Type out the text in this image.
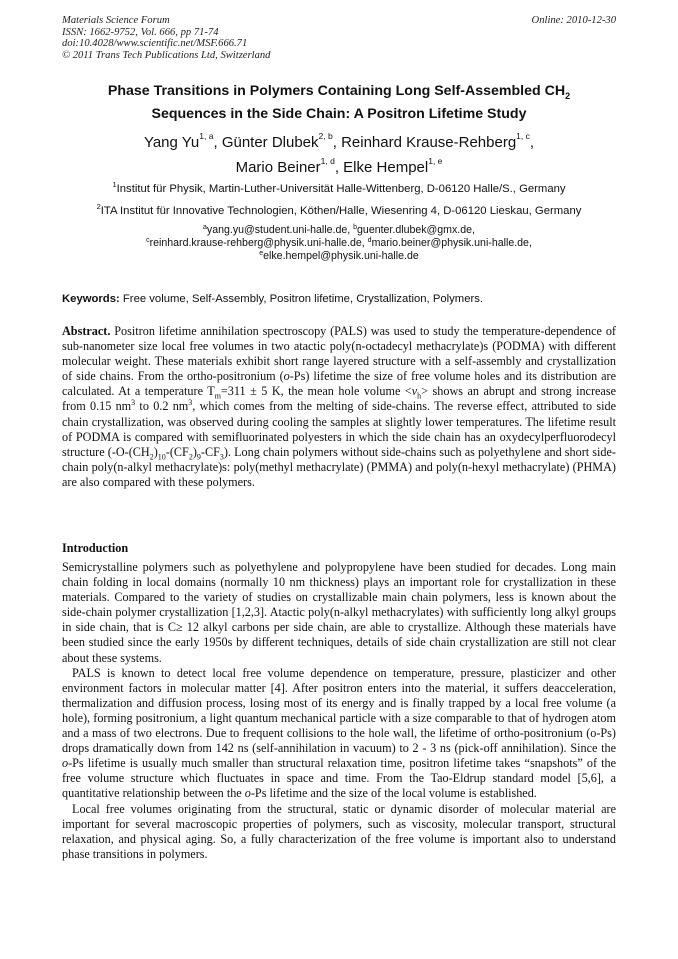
Materials Science Forum
ISSN: 1662-9752, Vol. 666, pp 71-74
doi:10.4028/www.scientific.net/MSF.666.71
© 2011 Trans Tech Publications Ltd, Switzerland
Online: 2010-12-30
Phase Transitions in Polymers Containing Long Self-Assembled $CH_2$
Sequences in the Side Chain: A Positron Lifetime Study
Yang Yu$^{1, a}$, Günter Dlubek$^{2, b}$, Reinhard Krause-Rehberg$^{1, c}$,
Mario Beiner$^{1, d}$, Elke Hempel$^{1, e}$
$^1$Institut für Physik, Martin-Luther-Universität Halle-Wittenberg, D-06120 Halle/S., Germany
$^2$ITA Institut für Innovative Technologien, Köthen/Halle, Wiesenring 4, D-06120 Lieskau, Germany
$^a$yang.yu@student.uni-halle.de, $^b$guenter.dlubek@gmx.de,
$^c$reinhard.krause-rehberg@physik.uni-halle.de, $^d$mario.beiner@physik.uni-halle.de,
$^e$elke.hempel@physik.uni-halle.de
Keywords: Free volume, Self-Assembly, Positron lifetime, Crystallization, Polymers.
Abstract. Positron lifetime annihilation spectroscopy (PALS) was used to study the temperature-dependence of sub-nanometer size local free volumes in two atactic poly(n-octadecyl methacrylate)s (PODMA) with different molecular weight. These materials exhibit short range layered structure with a self-assembly and crystallization of side chains. From the ortho-positronium (o-Ps) lifetime the size of free volume holes and its distribution are calculated. At a temperature $T_m=311 \pm 5$ K, the mean hole volume $<v_h>$ shows an abrupt and strong increase from 0.15 $nm^3$ to 0.2 $nm^3$, which comes from the melting of side-chains. The reverse effect, attributed to side chain crystallization, was observed during cooling the samples at slightly lower temperatures. The lifetime result of PODMA is compared with semifluorinated polyesters in which the side chain has an oxydecylperfluorodecyl structure $(-O-(CH_2)_{10}-(CF_2)_9-CF_3)$. Long chain polymers without side-chains such as polyethylene and short side-chain poly(n-alkyl methacrylate)s: poly(methyl methacrylate) (PMMA) and poly(n-hexyl methacrylate) (PHMA) are also compared with these polymers.
Introduction

Semicrystalline polymers such as polyethylene and polypropylene have been studied for decades. Long main chain folding in local domains (normally 10 nm thickness) plays an important role for crystallization in these materials. Compared to the variety of studies on crystallizable main chain polymers, less is known about the side-chain polymer crystallization [1,2,3]. Atactic poly(n-alkyl methacrylates) with sufficiently long alkyl groups in side chain, that is C≥ 12 alkyl carbons per side chain, are able to crystallize. Although these materials have been studied since the early 1950s by different techniques, details of side chain crystallization are still not clear about these systems.

PALS is known to detect local free volume dependence on temperature, pressure, plasticizer and other environment factors in molecular matter [4]. After positron enters into the material, it suffers deacceleration, thermalization and diffusion process, losing most of its energy and is finally trapped by a local free volume (a hole), forming positronium, a light quantum mechanical particle with a size comparable to that of hydrogen atom and a mass of two electrons. Due to frequent collisions to the hole wall, the lifetime of ortho-positronium (o-Ps) drops dramatically down from 142 ns (self-annihilation in vacuum) to 2 - 3 ns (pick-off annihilation). Since the o-Ps lifetime is usually much smaller than structural relaxation time, positron lifetime takes “snapshots” of the free volume structure which fluctuates in space and time. From the Tao-Eldrup standard model [5,6], a quantitative relationship between the o-Ps lifetime and the size of the local volume is established.

Local free volumes originating from the structural, static or dynamic disorder of molecular material are important for several macroscopic properties of polymers, such as viscosity, molecular transport, structural relaxation, and physical aging. So, a fully characterization of the free volume is important also to understand phase transitions in polymers.
